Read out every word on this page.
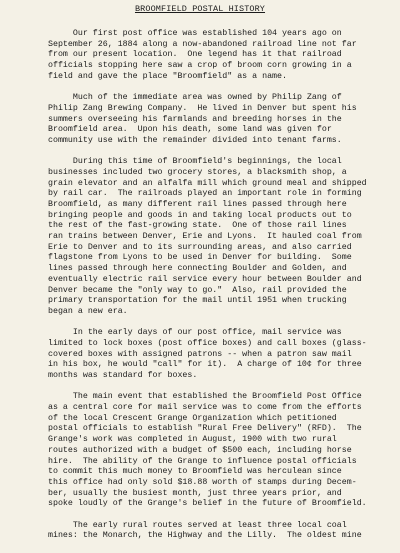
BROOMFIELD POSTAL HISTORY
Our first post office was established 104 years ago on
September 26, 1884 along a now-abandoned railroad line not far
from our present location.  One legend has it that railroad
officials stopping here saw a crop of broom corn growing in a
field and gave the place "Broomfield" as a name.
Much of the immediate area was owned by Philip Zang of
Philip Zang Brewing Company.  He lived in Denver but spent his
summers overseeing his farmlands and breeding horses in the
Broomfield area.  Upon his death, some land was given for
community use with the remainder divided into tenant farms.
During this time of Broomfield's beginnings, the local
businesses included two grocery stores, a blacksmith shop, a
grain elevator and an alfalfa mill which ground meal and shipped
by rail car.  The railroads played an important role in forming
Broomfield, as many different rail lines passed through here
bringing people and goods in and taking local products out to
the rest of the fast-growing state.  One of those rail lines
ran trains between Denver, Erie and Lyons.  It hauled coal from
Erie to Denver and to its surrounding areas, and also carried
flagstone from Lyons to be used in Denver for building.  Some
lines passed through here connecting Boulder and Golden, and
eventually electric rail service every hour between Boulder and
Denver became the "only way to go."  Also, rail provided the
primary transportation for the mail until 1951 when trucking
began a new era.
In the early days of our post office, mail service was
limited to lock boxes (post office boxes) and call boxes (glass-
covered boxes with assigned patrons -- when a patron saw mail
in his box, he would "call" for it).  A charge of 10¢ for three
months was standard for boxes.
The main event that established the Broomfield Post Office
as a central core for mail service was to come from the efforts
of the local Crescent Grange Organization which petitioned
postal officials to establish "Rural Free Delivery" (RFD).  The
Grange's work was completed in August, 1900 with two rural
routes authorized with a budget of $500 each, including horse
hire.  The ability of the Grange to influence postal officials
to commit this much money to Broomfield was herculean since
this office had only sold $18.88 worth of stamps during Decem-
ber, usually the busiest month, just three years prior, and
spoke loudly of the Grange's belief in the future of Broomfield.
The early rural routes served at least three local coal
mines: the Monarch, the Highway and the Lilly.  The oldest mine
